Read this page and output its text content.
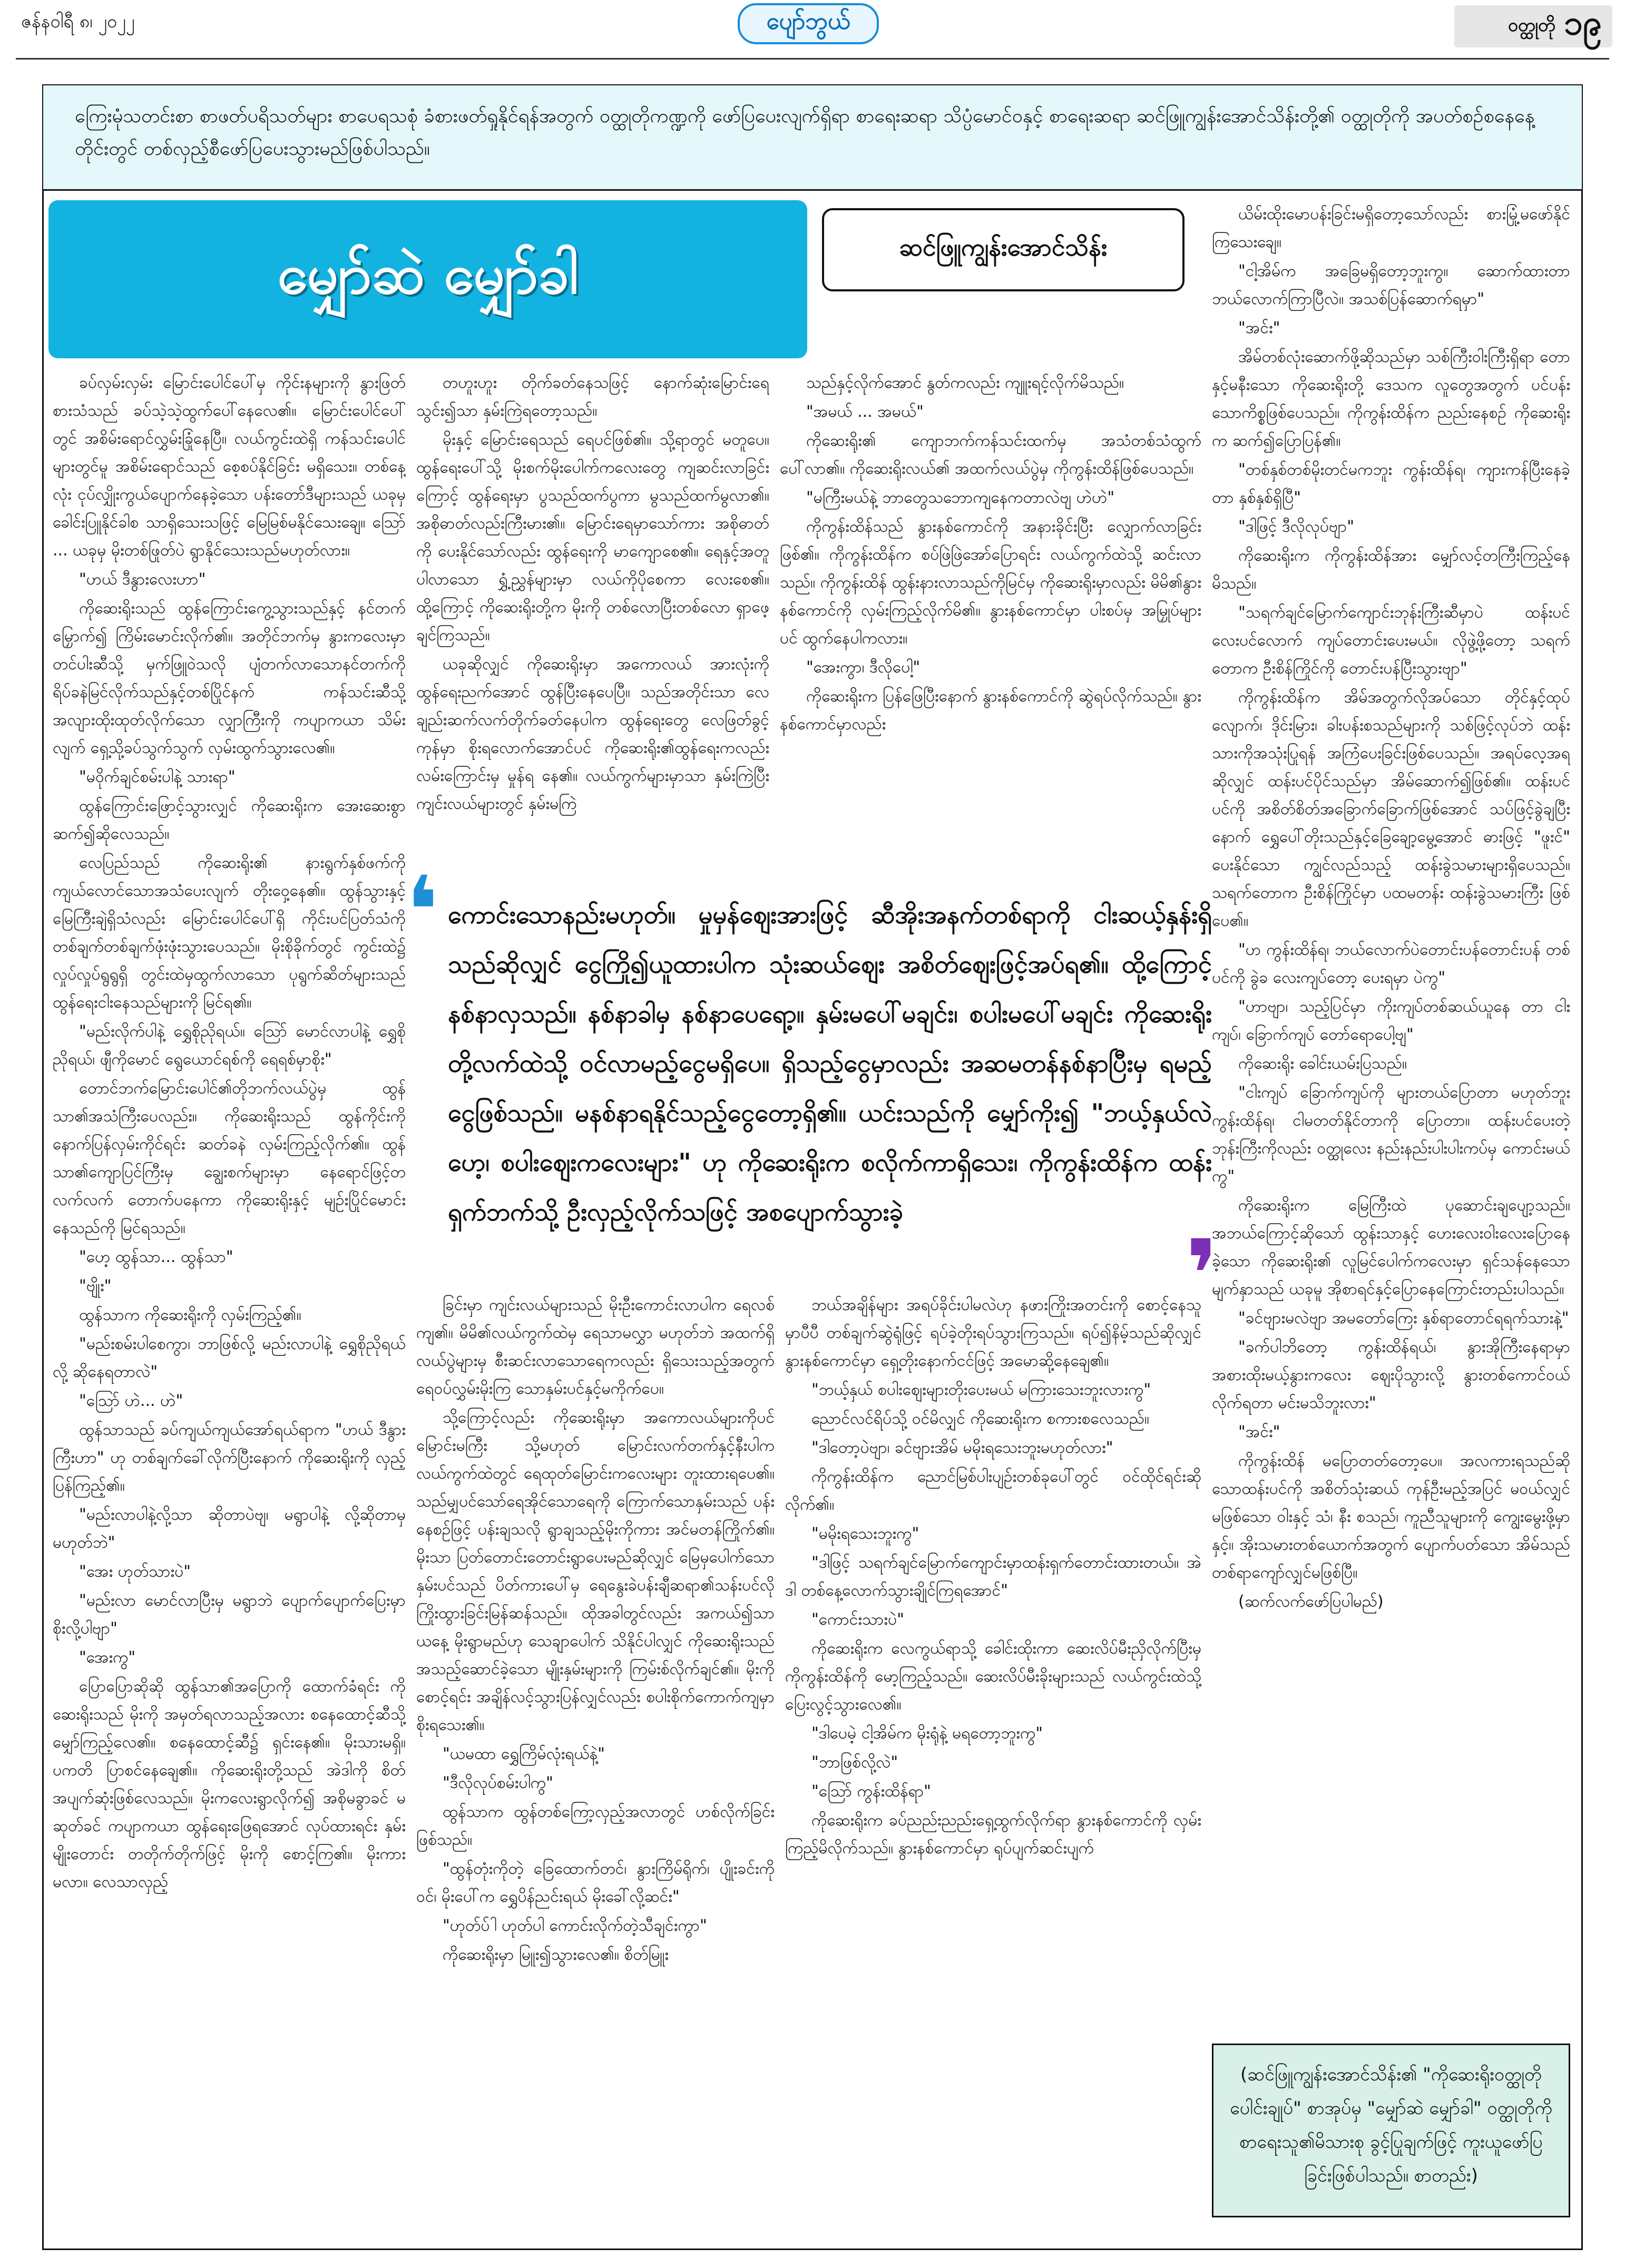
ဇန်နဝါရီ ၈၊ ၂၀၂၂	ပျော်ဘွယ်	ဝတ္ထုတို ၁၉
ကြေးမုံသတင်းစာ စာဖတ်ပရိသတ်များ စာပေရသစုံ ခံစားဖတ်ရှုနိုင်ရန်အတွက် ဝတ္ထုတိုကဏ္ဍကို ဖော်ပြပေးလျက်ရှိရာ စာရေးဆရာ သိပ္ပံမောင်ဝနှင့် စာရေးဆရာ ဆင်ဖြူကျွန်းအောင်သိန်းတို့၏ ဝတ္ထုတိုကို အပတ်စဉ်စနေနေ့တိုင်းတွင် တစ်လှည့်စီဖော်ပြပေးသွားမည်ဖြစ်ပါသည်။
မျှော်ဆဲ မျှော်ခါ	ဆင်ဖြူကျွန်းအောင်သိန်း

ခပ်လှမ်းလှမ်း မြောင်းပေါင်ပေါ်မှ ကိုင်းနများကို နွားဖြတ်စားသံသည် ခပ်သဲ့သဲ့ထွက်ပေါ်နေလေ၏။ မြောင်းပေါင်ပေါ်တွင် အစိမ်းရောင်လွှမ်းခြုံနေပြီ။ လယ်ကွင်းထဲရှိ ကန်သင်းပေါင်များတွင်မူ အစိမ်းရောင်သည် စေ့စပ်နိုင်ခြင်း မရှိသေး။ တစ်နေ့လုံး ငုပ်လျှိုးကွယ်ပျောက်နေခဲ့သော ပန်းတော်ဒီများသည် ယခုမှ ခေါင်းပြူနိုင်ခါစ သာရှိသေးသဖြင့် မြေမြစ်မနိုင်သေးချေ။ ဩော် ... ယခုမှ မိုးတစ်ဖြုတ်ပဲ ရွာနိုင်သေးသည်မဟုတ်လား။

"ဟယ် ဒီနွားလေးဟာ"

ကိုဆေးရိုးသည် ထွန်ကြောင်းကွေ့သွားသည်နှင့် နင်တက်မြှောက်၍ ကြိမ်းမောင်းလိုက်၏။ အတိုင်ဘက်မှ နွားကလေးမှာ တင်ပါးဆီသို့ မှက်ဖြူဝဲသလို ပျံတက်လာသောနင်တက်ကို ရိပ်ခနဲမြင်လိုက်သည်နှင့်တစ်ပြိုင်နက် ကန်သင်းဆီသို့ အလျားထိုးထုတ်လိုက်သော လျှာကြီးကို ကပျာကယာ သိမ်းလျက် ရှေ့သို့ခပ်သွက်သွက် လှမ်းထွက်သွားလေ၏။

"မဝိုက်ချင်စမ်းပါနဲ့ သားရာ"

ထွန်ကြောင်းဖြောင့်သွားလျှင် ကိုဆေးရိုးက အေးဆေးစွာ ဆက်၍ဆိုလေသည်။

လေပြည်သည် ကိုဆေးရိုး၏ နားရွက်နှစ်ဖက်ကို ကျယ်လောင်သောအသံပေးလျက် တိုးဝှေ့နေ၏။ ထွန်သွားနှင့် မြေကြီးချဲရှိသံလည်း မြောင်းပေါင်ပေါ်ရှိ ကိုင်းပင်ပြတ်သံကို တစ်ချက်တစ်ချက်ဖုံးဖုံးသွားပေသည်။ မိုးစိုခိုက်တွင် ကွင်းထဲ၌ လှုပ်လှုပ်ရွရွရှိ တွင်းထဲမှထွက်လာသော ပုရွက်ဆိတ်များသည် ထွန်ရေးငါးနေသည်များကို မြင်ရ၏။

"မည်းလိုက်ပါနဲ့ ရွှေစိုညိုရယ်။ ဩော် မောင်လာပါနဲ့ ရွှေစိုညိုရယ်၊ ဖျီကိုမောင် ရွေယောင်ရစ်ကို ရေရစ်မှာစိုး"

တောင်ဘက်မြောင်းပေါင်၏တိုဘက်လယ်ပွဲမှ ထွန်သာ၏အသံကြီးပေလည်း။ ကိုဆေးရိုးသည် ထွန်ကိုင်းကို နောက်ပြန်လှမ်းကိုင်ရင်း ဆတ်ခနဲ လှမ်းကြည့်လိုက်၏။ ထွန်သာ၏ကျောပြင်ကြီးမှ ချွေးစက်များမှာ နေရောင်ဖြင့်တလက်လက် တောက်ပနေကာ ကိုဆေးရိုးနှင့် မျဉ်းပြိုင်မောင်းနေသည်ကို မြင်ရသည်။

"ဟေ့ ထွန်သာ... ထွန်သာ"

"ဗျိုး"

ထွန်သာက ကိုဆေးရိုးကို လှမ်းကြည့်၏။

"မည်းစမ်းပါစေကွာ၊ ဘာဖြစ်လို့ မည်းလာပါနဲ့ ရွှေစိုညိုရယ်လို့ ဆိုနေရတာလဲ"

"ဩော် ဟဲ... ဟဲ"

ထွန်သာသည် ခပ်ကျယ်ကျယ်အော်ရယ်ရာက "ဟယ် ဒီနွားကြီးဟာ" ဟု တစ်ချက်ခေါ်လိုက်ပြီးနောက် ကိုဆေးရိုးကို လှည့်ပြန်ကြည့်၏။

"မည်းလာပါနဲ့လို့သာ ဆိုတာပဲဗျ၊ မရွာပါနဲ့ လို့ဆိုတာမှ မဟုတ်ဘဲ"

"အေး ဟုတ်သားပဲ"

"မည်းလာ မောင်လာပြီးမှ မရွာဘဲ ပျောက်ပျောက်ပြေးမှာစိုးလို့ပါဗျာ"

"အေးကွ"

ပြောပြောဆိုဆို ထွန်သာ၏အပြောကို ထောက်ခံရင်း ကိုဆေးရိုးသည် မိုးကို အမှတ်ရလာသည့်အလား စနေထောင့်ဆီသို့ မျှော်ကြည့်လေ၏။ စနေထောင့်ဆီ၌ ရှင်းနေ၏။ မိုးသားမရှိ။ ပကတိ ပြာစင်နေချေ၏။ ကိုဆေးရိုးတို့သည် အဲဒါကို စိတ်အပျက်ဆုံးဖြစ်လေသည်။ မိုးကလေးရွာလိုက်၍ အစိုမခွာခင် မဆုတ်ခင် ကပျာကယာ ထွန်ရေးဖြေရအောင် လုပ်ထားရင်း နှမ်းမျိုးတောင်း တတိုက်တိုက်ဖြင့် မိုးကို စောင့်ကြ၏။ မိုးကား မလာ။ လေသာလှည့်

တဟူးဟူး တိုက်ခတ်နေသဖြင့် နောက်ဆုံးမြောင်းရေသွင်း၍သာ နှမ်းကြဲရတော့သည်။

မိုးနှင့် မြောင်းရေသည် ရေပင်ဖြစ်၏။ သို့ရာတွင် မတူပေ။ ထွန်ရေးပေါ်သို့ မိုးစက်မိုးပေါက်ကလေးတွေ ကျဆင်းလာခြင်းကြောင့် ထွန်ရေးမှာ ပွသည်ထက်ပွကာ မွသည်ထက်မွလာ၏။ အစိုဓာတ်လည်းကြီးမား၏။ မြောင်းရေမှာသော်ကား အစိုဓာတ်ကို ပေးနိုင်သော်လည်း ထွန်ရေးကို မာကျောစေ၏။ ရေနှင့်အတူပါလာသော ရွှံ့ညွှန်များမှာ လယ်ကိုပိုစေကာ လေးစေ၏။ ထို့ကြောင့် ကိုဆေးရိုးတို့က မိုးကို တစ်လောပြီးတစ်လော ရှာဖေ့ချင်ကြသည်။

ယခုဆိုလျှင် ကိုဆေးရိုးမှာ အကောလယ် အားလုံးကို ထွန်ရေးညက်အောင် ထွန်ပြီးနေပေပြီ။ သည်အတိုင်းသာ လေချည်းဆက်လက်တိုက်ခတ်နေပါက ထွန်ရေးတွေ လေဖြတ်ခွင့်ကုန်မှာ စိုးရလောက်အောင်ပင် ကိုဆေးရိုး၏ထွန်ရေးကလည်း လမ်းကြောင်းမှ မှုန်ရ နေ၏။ လယ်ကွက်များမှာသာ နှမ်းကြဲပြီး ကျင်းလယ်များတွင် နှမ်းမကြဲ

သည်နှင့်လိုက်အောင် နွတ်ကလည်း ကျူးရင့်လိုက်မိသည်။

"အမယ် ... အမယ်"

ကိုဆေးရိုး၏ ကျောဘက်ကန်သင်းထက်မှ အသံတစ်သံထွက်ပေါ်လာ၏။ ကိုဆေးရိုးလယ်၏ အထက်လယ်ပွဲမှ ကိုကွန်းထိန်ဖြစ်ပေသည်။

"မကြီးမယ်နဲ့ ဘာတွေသဘောကျနေကတာလဲဗျ ဟဲဟဲ"

ကိုကွန်းထိန်သည် နွားနစ်ကောင်ကို အနားခိုင်းပြီး လျှောက်လာခြင်းဖြစ်၏။ ကိုကွန်းထိန်က စပ်ဖြဲဖြဲအော်ပြောရင်း လယ်ကွက်ထဲသို့ ဆင်းလာသည်။ ကိုကွန်းထိန် ထွန်းနားလာသည်ကိုမြင်မှ ကိုဆေးရိုးမှာလည်း မိမိ၏နွားနစ်ကောင်ကို လှမ်းကြည့်လိုက်မိ၏။ နွားနစ်ကောင်မှာ ပါးစပ်မှ အမြှုပ်များပင် ထွက်နေပါကလား။

"အေးကွာ၊ ဒီလိုပေါ့"

ကိုဆေးရိုးက ပြန်ဖြေပြီးနောက် နွားနစ်ကောင်ကို ဆွဲရပ်လိုက်သည်။ နွားနစ်ကောင်မှာလည်း

ယိမ်းထိုးမောပန်းခြင်းမရှိတော့သော်လည်း စားမြုံ့မဖော်နိုင်ကြသေးချေ။

"ငါ့အိမ်က အခြေမရှိတော့ဘူးကွ။ ဆောက်ထားတာ ဘယ်လောက်ကြာပြီလဲ။ အသစ်ပြန်ဆောက်ရမှာ"

"အင်း"

အိမ်တစ်လုံးဆောက်ဖို့ဆိုသည်မှာ သစ်ကြီးဝါးကြီးရှိရာ တောနှင့်မနီးသော ကိုဆေးရိုးတို့ ဒေသက လူတွေအတွက် ပင်ပန်းသောကိစ္စဖြစ်ပေသည်။ ကိုကွန်းထိန်က ညည်းနေစဉ် ကိုဆေးရိုးက ဆက်၍ပြောပြန်၏။

"တစ်နှစ်တစ်မိုးတင်မကဘူး ကွန်းထိန်ရ၊ ကျားကန်ပြီးနေခဲ့တာ နှစ်နှစ်ရှိပြီ"

"ဒါဖြင့် ဒီလိုလုပ်ဗျာ"

ကိုဆေးရိုးက ကိုကွန်းထိန်အား မျှော်လင့်တကြီးကြည့်နေမိသည်။

"သရက်ချင်မြောက်ကျောင်းဘုန်းကြီးဆီမှာပဲ ထန်းပင်လေးပင်လောက် ကျပ်တောင်းပေးမယ်။ လိုဖွဲ့ဖို့တော့ သရက်တောက ဦးစိန်ကြိုင်ကို တောင်းပန်ပြီးသွားဗျာ"

ကိုကွန်းထိန်က အိမ်အတွက်လိုအပ်သော တိုင်နှင့်ထုပ်လျောက်၊ ဒိုင်းမြား၊ ခါးပန်းစသည်များကို သစ်ဖြင့်လုပ်ဘဲ ထန်းသားကိုအသုံးပြုရန် အကြံပေးခြင်းဖြစ်ပေသည်။ အရပ်လေ့အရဆိုလျှင် ထန်းပင်ပိုင်သည်မှာ အိမ်ဆောက်၍ဖြစ်၏။ ထန်းပင်ပင်ကို အစိတ်စိတ်အခြောက်ခြောက်ဖြစ်အောင် သပ်ဖြင့်ခွဲချပြီးနောက် ရွှေပေါ်တိုးသည်နှင့်ခြေချော့မွေ့အောင် ဓားဖြင့် "ဖူးင်" ပေးနိုင်သော ကျွင်လည်သည့် ထန်းခွဲသမားများရှိပေသည်။ သရက်တောက ဦးစိန်ကြိုင်မှာ ပထမတန်း ထန်းခွဲသမားကြီး ဖြစ်ပေ၏။

"ဟ ကွန်းထိန်ရ၊ ဘယ်လောက်ပဲတောင်းပန်တောင်းပန် တစ်ပင်ကို ခွဲခ လေးကျပ်တော့ ပေးရမှာ ပဲကွ"

"ဟာဗျာ၊ သည့်ပြင်မှာ ကိုးကျပ်တစ်ဆယ်ယူနေ တာ ငါးကျပ်၊ ခြောက်ကျပ် တော်ရောပေါ့ဗျ"

ကိုဆေးရိုး ခေါင်းယမ်းပြသည်။

"ငါးကျပ် ခြောက်ကျပ်ကို များတယ်ပြောတာ မဟုတ်ဘူး ကွန်းထိန်ရ၊ ငါမတတ်နိုင်တာကို ပြောတာ။ ထန်းပင်ပေးတဲ့ဘုန်းကြီးကိုလည်း ဝတ္ထုလေး နည်းနည်းပါးပါးကပ်မှ ကောင်းမယ်ကွ"

ကိုဆေးရိုးက မြေကြီးထဲ ပုဆောင်းချပျော့သည်။ အဘယ်ကြောင့်ဆိုသော် ထွန်းသာနှင့် ဟေးလေးဝါးလေးပြောနေခဲ့သော ကိုဆေးရိုး၏ လူမြင်ပေါက်ကလေးမှာ ရှင်သန်နေသော မျက်နှာသည် ယခုမူ အိုစာရင်နှင့်ပြောနေကြောင်းတည်းပါသည်။

"ခင်ဗျားမလဲဗျာ အမတော်ကြေး နှစ်ရာတောင်ရရက်သားနဲ့"

"ခက်ပါဘိတော့ ကွန်းထိန်ရယ်၊ နွားအိုကြီးနေရာမှာ အစားထိုးမယ့်နွားကလေး ဈေးပိုသွားလို့ နွားတစ်ကောင်ဝယ်လိုက်ရတာ မင်းမသိဘူးလား"

"အင်း"

ကိုကွန်းထိန် မပြောတတ်တော့ပေ။ အလကားရသည်ဆိုသောထန်းပင်ကို အစိတ်သုံးဆယ် ကုန်ဦးမည့်အပြင် မဝယ်လျှင်မဖြစ်သော ဝါးနှင့် သံ၊ နီး စသည်၊ ကူညီသူများကို ကျွေးမွေးဖို့မှာနှင့်။ အိုးသမားတစ်ယောက်အတွက် ပျောက်ပတ်သော အိမ်သည် တစ်ရာကျော်လျှင်မဖြစ်ပြီ။

(ဆက်လက်ဖော်ပြပါမည်)

ခြင်းမှာ ကျင်းလယ်များသည် မိုးဦးကောင်းလာပါက ရေလစ်ကျ၏။ မိမိ၏လယ်ကွက်ထဲမှ ရေသာမလွှာ မဟုတ်ဘဲ အထက်ရှိလယ်ပွဲများမှ စီးဆင်းလာသောရေကလည်း ရှိသေးသည့်အတွက် ရေဝပ်လွှမ်းမိုးကြ သောနှမ်းပင်နှင့်မကိုက်ပေ။

သို့ကြောင့်လည်း ကိုဆေးရိုးမှာ အကောလယ်များကိုပင် မြောင်းမကြီး သို့မဟုတ် မြောင်းလက်တက်နှင့်နီးပါက လယ်ကွက်ထဲတွင် ရေထုတ်မြောင်းကလေးများ တူးထားရပေ၏။ သည်မျှပင်သော်ရေအိုင်သောရေကို ကြောက်သောနှမ်းသည် ပန်းနေစဉ်ဖြင့် ပန်းချသလို ရွာချသည့်မိုးကိုကား အင်မတန်ကြိုက်၏။ မိုးသာ ပြတ်တောင်းတောင်းရွာပေးမည်ဆိုလျှင် မြေမှပေါက်သောနှမ်းပင်သည် ပိတ်ကားပေါ်မှ ရေနွေးခဲပန်းချီဆရာ၏သန်းပင်လို ကြိုးထွားခြင်းမြန်ဆန်သည်။ ထိုအခါတွင်လည်း အကယ်၍သာ ယနေ့ မိုးရွာမည်ဟု သေချာပေါက် သိနိုင်ပါလျှင် ကိုဆေးရိုးသည် အသည့်ဆောင်ခဲ့သော မျိုးနှမ်းများကို ကြမ်းစ်လိုက်ချင်၏။ မိုးကိုစောင့်ရင်း အချိန်လင့်သွားပြန်လျှင်လည်း စပါးစိုက်ကောက်ကျမှာစိုးရသေး၏။

"ယမထာ ရွှေကြိမ်လုံးရယ်နဲ့"

"ဒီလိုလုပ်စမ်းပါကွ"

ထွန်သာက ထွန်တစ်ကြော့လှည့်အလာတွင် ဟစ်လိုက်ခြင်းဖြစ်သည်။

"ထွန်တုံးကိုတဲ့ ခြေထောက်တင်၊ နွားကြိမ်ရိုက်၊ ပျိုးခင်းကိုဝင်၊ မိုးပေါ်က ရွှေပိန်ညင်းရယ် မိုးခေါ်လို့ဆင်း"

"ဟုတ်ပ်ါ ဟုတ်ပါ ကောင်းလိုက်တဲ့သီချင်းကွာ"

ကိုဆေးရိုးမှာ မြူး၍သွားလေ၏။ စိတ်မြူး

ဘယ်အချိန်များ အရပ်ခိုင်းပါမလဲဟု နဖားကြိုးအတင်းကို စောင့်နေသူမှာပီပီ တစ်ချက်ဆွဲရုံဖြင့် ရပ်ခဲ့တိုးရပ်သွားကြသည်။ ရပ်၍နိမ့်သည်ဆိုလျှင် နွားနစ်ကောင်မှာ ရှေ့တိုးနောက်ငင်ဖြင့် အမောဆို့နေချေ၏။

"ဘယ့်နှယ် စပါးဈေးများတိုးပေးမယ် မကြားသေးဘူးလားကွ"

ညောင်လင်ရိပ်သို့ ဝင်မိလျှင် ကိုဆေးရိုးက စကားစလေသည်။

"ဒါတော့ပဲဗျာ၊ ခင်ဗျားအိမ် မမိုးရသေးဘူးမဟုတ်လား"

ကိုကွန်းထိန်က ညောင်မြစ်ပါးပျဉ်းတစ်ခုပေါ်တွင် ဝင်ထိုင်ရင်းဆိုလိုက်၏။

"မမိုးရသေးဘူးကွ"

"ဒါဖြင့် သရက်ချင်မြောက်ကျောင်းမှာထန်းရှက်တောင်းထားတယ်။ အဲဒါ တစ်နေ့လောက်သွားချိုင်ကြရအောင်"

"ကောင်းသားပဲ"

ကိုဆေးရိုးက လေကွယ်ရာသို့ ခေါင်းထိုးကာ ဆေးလိပ်မီးညှိလိုက်ပြီးမှ ကိုကွန်းထိန်ကို မော့ကြည့်သည်။ ဆေးလိပ်မီးခိုးများသည် လယ်ကွင်းထဲသို့ ပြေးလွင့်သွားလေ၏။

"ဒါပေမဲ့ ငါ့အိမ်က မိုးရုံနဲ့ မရတော့ဘူးကွ"

"ဘာဖြစ်လို့လဲ"

"ဩော် ကွန်းထိန်ရာ"

ကိုဆေးရိုးက ခပ်ညည်းညည်းရှေ့ထွက်လိုက်ရာ နွားနစ်ကောင်ကို လှမ်းကြည့်မိလိုက်သည်။ နွားနစ်ကောင်မှာ ရုပ်ပျက်ဆင်းပျက်

❛ ကောင်းသောနည်းမဟုတ်။ မှုမှန်ဈေးအားဖြင့် ဆီအိုးအနက်တစ်ရာကို ငါးဆယ့်နှန်းရှိသည်ဆိုလျှင် ငွေကြို၍ယူထားပါက သုံးဆယ်ဈေး အစိတ်ဈေးဖြင့်အပ်ရ၏။ ထို့ကြောင့် နစ်နာလှသည်။ နစ်နာခါမှ နစ်နာပေရော့။ နှမ်းမပေါ်မချင်း၊ စပါးမပေါ်မချင်း ကိုဆေးရိုးတို့လက်ထဲသို့ ဝင်လာမည့်ငွေမရှိပေ။ ရှိသည့်ငွေမှာလည်း အဆမတန်နစ်နာပြီးမှ ရမည့်ငွေဖြစ်သည်။ မနစ်နာရနိုင်သည့်ငွေတော့ရှိ၏။ ယင်းသည်ကို မျှော်ကိုး၍ "ဘယ့်နှယ်လဲဟေ့၊ စပါးဈေးကလေးများ" ဟု ကိုဆေးရိုးက စလိုက်ကာရှိသေး၊ ကိုကွန်းထိန်က ထန်းရှက်ဘက်သို့ ဦးလှည့်လိုက်သဖြင့် အစပျောက်သွားခဲ့
❜
(ဆင်ဖြူကျွန်းအောင်သိန်း၏ "ကိုဆေးရိုးဝတ္ထုတိုပေါင်းချုပ်" စာအုပ်မှ "မျှော်ဆဲ မျှော်ခါ" ဝတ္ထုတိုကို စာရေးသူ၏မိသားစု ခွင့်ပြုချက်ဖြင့် ကူးယူဖော်ပြခြင်းဖြစ်ပါသည်။ စာတည်း)
